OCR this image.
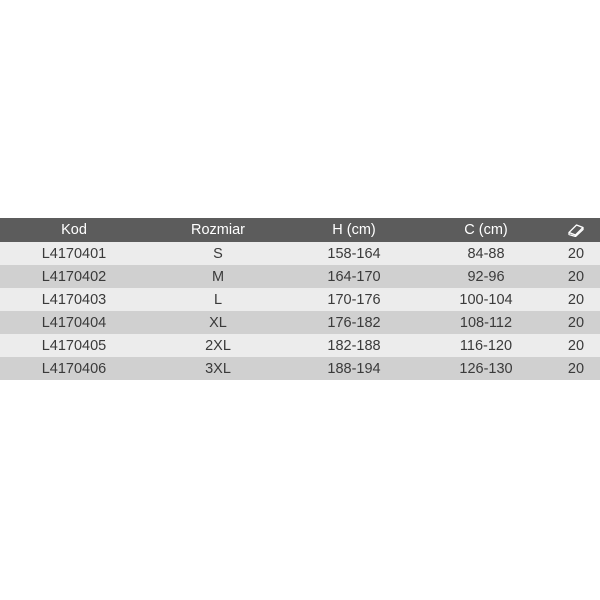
Kod	Rozmiar	H (cm)	C (cm)	
L4170401	S	158-164	84-88	20
L4170402	M	164-170	92-96	20
L4170403	L	170-176	100-104	20
L4170404	XL	176-182	108-112	20
L4170405	2XL	182-188	116-120	20
L4170406	3XL	188-194	126-130	20
